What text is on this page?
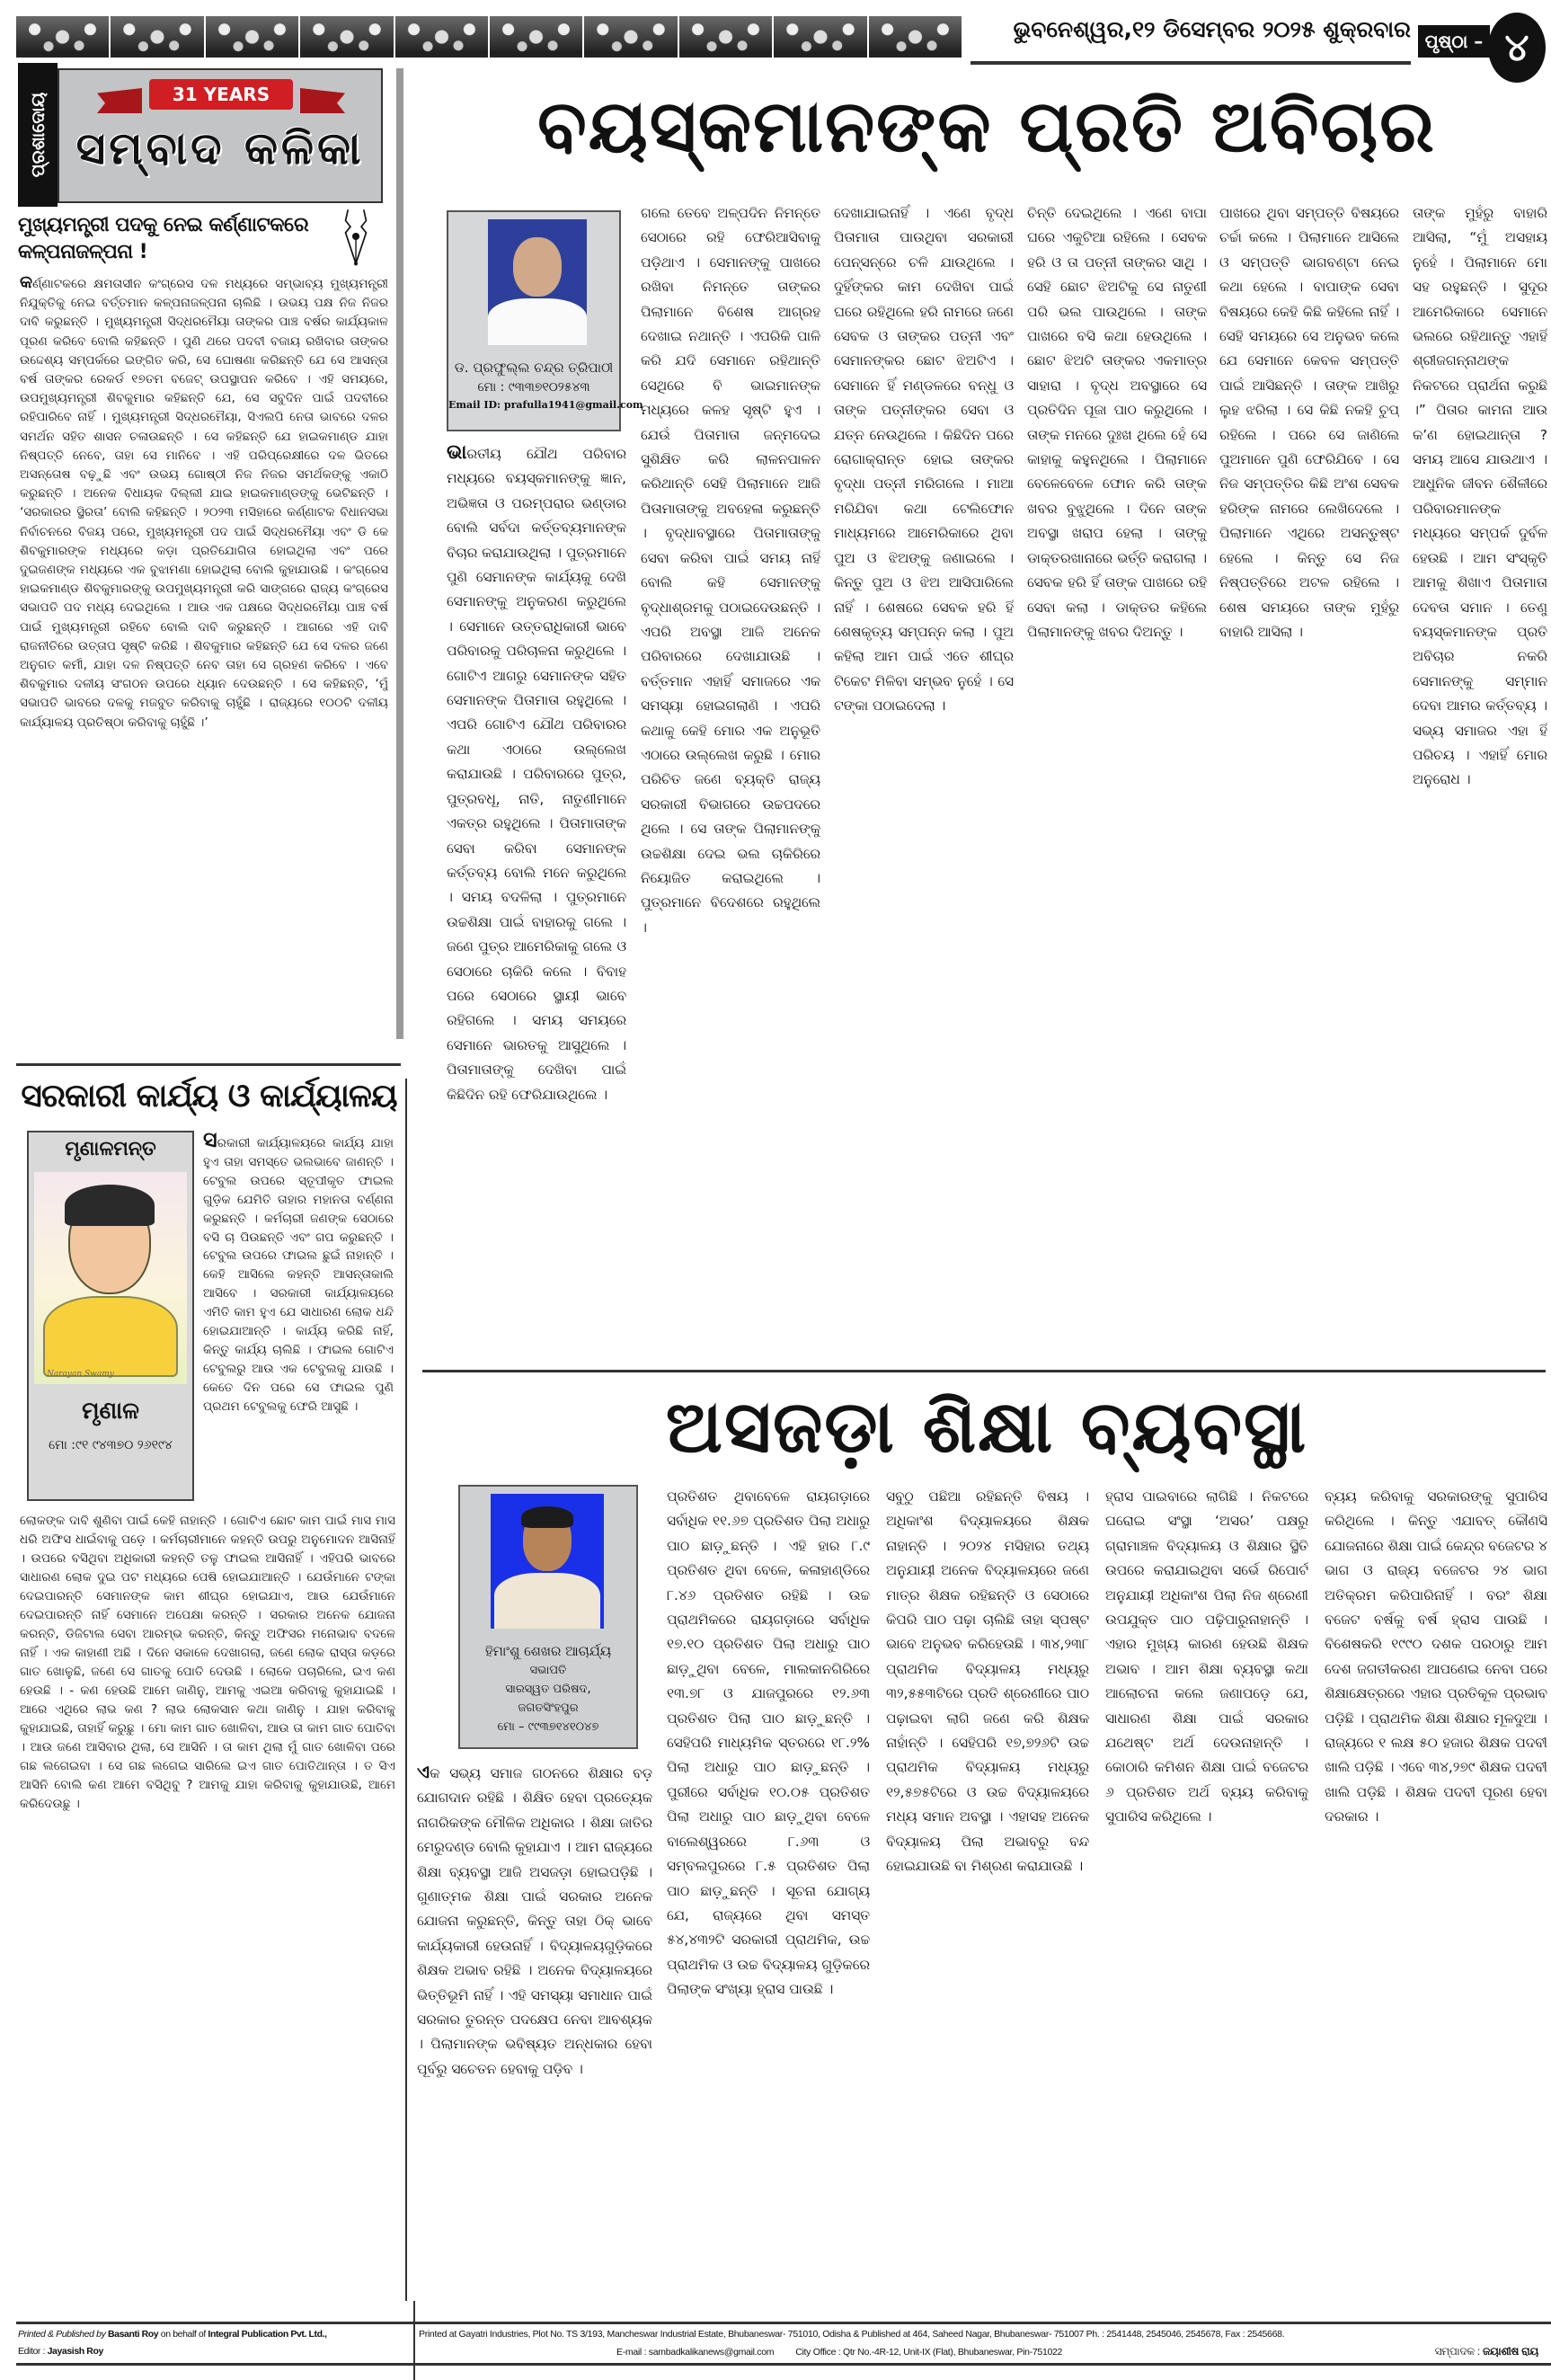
ଭୁବନେଶ୍ୱର,୧୨ ଡିସେମ୍ବର ୨୦୨୫ ଶୁକ୍ରବାର ପୃଷ୍ଠା – ୪
ପ୍ରଶାଦୋୟ	31 YEARS
ସମ୍ବାଦ କଳିକା
ମୁଖ୍ୟମନ୍ତ୍ରୀ ପଦକୁ ନେଇ କର୍ଣ୍ଣାଟକରେ କଳ୍ପନାଜଳ୍ପନା !
କର୍ଣ୍ଣାଟକରେ କ୍ଷମତାସୀନ କଂଗ୍ରେସ ଦଳ ମଧ୍ୟରେ ସମ୍ଭାବ୍ୟ ମୁଖ୍ୟମନ୍ତ୍ରୀ ନିଯୁକ୍ତିକୁ ନେଇ ବର୍ତ୍ତମାନ କଳ୍ପନାଜଳ୍ପନା ଚାଲିଛି । ଉଭୟ ପକ୍ଷ ନିଜ ନିଜର ଦାବି କରୁଛନ୍ତି । ମୁଖ୍ୟମନ୍ତ୍ରୀ ସିଦ୍ଧରମୈୟା ତାଙ୍କର ପାଞ୍ଚ ବର୍ଷର କାର୍ଯ୍ୟକାଳ ପୂରଣ କରିବେ ବୋଲି କହିଛନ୍ତି । ପୁଣି ଥରେ ପଦବୀ ବଜାୟ ରଖିବାର ତାଙ୍କର ଉଦ୍ଦେଶ୍ୟ ସମ୍ପର୍କରେ ଇଙ୍ଗିତ କରି, ସେ ଘୋଷଣା କରିଛନ୍ତି ଯେ ସେ ଆସନ୍ତା ବର୍ଷ ତାଙ୍କର ରେକର୍ଡ ୧୭ତମ ବଜେଟ୍ ଉପସ୍ଥାପନ କରିବେ । ଏହି ସମୟରେ, ଉପମୁଖ୍ୟମନ୍ତ୍ରୀ ଶିବକୁମାର କହିଛନ୍ତି ଯେ, ସେ ସବୁଦିନ ପାଇଁ ପଦବୀରେ ରହିପାରିବେ ନାହିଁ । ମୁଖ୍ୟମନ୍ତ୍ରୀ ସିଦ୍ଧରମୈୟା, ସିଏଲପି ନେତା ଭାବରେ ଦଳର ସମର୍ଥନ ସହିତ ଶାସନ ଚଳାଉଛନ୍ତି । ସେ କହିଛନ୍ତି ଯେ ହାଇକମାଣ୍ଡ ଯାହା ନିଷ୍ପତ୍ତି ନେବେ, ତାହା ସେ ମାନିବେ । ଏହି ପରିପ୍ରେକ୍ଷୀରେ ଦଳ ଭିତରେ ଅସନ୍ତୋଷ ବଢ଼ୁଛି ଏବଂ ଉଭୟ ଗୋଷ୍ଠୀ ନିଜ ନିଜର ସମର୍ଥକଙ୍କୁ ଏକାଠି କରୁଛନ୍ତି । ଅନେକ ବିଧାୟକ ଦିଲ୍ଲୀ ଯାଇ ହାଇକମାଣ୍ଡଙ୍କୁ ଭେଟିଛନ୍ତି । ‘ସରକାରର ସ୍ଥିରତା’ ବୋଲି କହିଛନ୍ତି । ୨୦୨୩ ମସିହାରେ କର୍ଣ୍ଣାଟକ ବିଧାନସଭା ନିର୍ବାଚନରେ ବିଜୟ ପରେ, ମୁଖ୍ୟମନ୍ତ୍ରୀ ପଦ ପାଇଁ ସିଦ୍ଧରମୈୟା ଏବଂ ଡି କେ ଶିବକୁମାରଙ୍କ ମଧ୍ୟରେ କଡ଼ା ପ୍ରତିଯୋଗିତା ହୋଇଥିଲା ଏବଂ ପରେ ଦୁଇଜଣଙ୍କ ମଧ୍ୟରେ ଏକ ବୁଝାମଣା ହୋଇଥିଲା ବୋଲି କୁହାଯାଉଛି । କଂଗ୍ରେସ ହାଇକମାଣ୍ଡ ଶିବକୁମାରଙ୍କୁ ଉପମୁଖ୍ୟମନ୍ତ୍ରୀ କରି ସାଙ୍ଗରେ ରାଜ୍ୟ କଂଗ୍ରେସ ସଭାପତି ପଦ ମଧ୍ୟ ଦେଇଥିଲେ । ଆଉ ଏକ ପକ୍ଷରେ ସିଦ୍ଧରମୈୟା ପାଞ୍ଚ ବର୍ଷ ପାଇଁ ମୁଖ୍ୟମନ୍ତ୍ରୀ ରହିବେ ବୋଲି ଦାବି କରୁଛନ୍ତି । ଆଗରେ ଏହି ଦାବି ରାଜନୀତିରେ ଉତ୍ତାପ ସୃଷ୍ଟି କରିଛି । ଶିବକୁମାର କହିଛନ୍ତି ଯେ ସେ ଦଳର ଜଣେ ଅନୁଗତ କର୍ମୀ, ଯାହା ଦଳ ନିଷ୍ପତ୍ତି ନେବ ତାହା ସେ ଗ୍ରହଣ କରିବେ । ଏବେ ଶିବକୁମାର ଦଳୀୟ ସଂଗଠନ ଉପରେ ଧ୍ୟାନ ଦେଉଛନ୍ତି । ସେ କହିଛନ୍ତି, ‘ମୁଁ ସଭାପତି ଭାବରେ ଦଳକୁ ମଜବୁତ କରିବାକୁ ଚାହୁଁଛି । ରାଜ୍ୟରେ ୧୦୦ଟି ଦଳୀୟ କାର୍ଯ୍ୟାଳୟ ପ୍ରତିଷ୍ଠା କରିବାକୁ ଚାହୁଁଛି ।’
ସରକାରୀ କାର୍ଯ୍ୟ ଓ କାର୍ଯ୍ୟାଳୟ
ମୃଣାଳମନ୍ତ
Narayan Swamy
ମୃଣାଳ
ମୋ :୯୧ ୯୪୩୭୦ ୨୬୧୯୪
ସରକାରୀ କାର୍ଯ୍ୟାଳୟରେ କାର୍ଯ୍ୟ ଯାହା ହୁଏ ତାହା ସମସ୍ତେ ଭଲଭାବେ ଜାଣନ୍ତି । ଟେବୁଲ ଉପରେ ସ୍ତୂପୀକୃତ ଫାଇଲ ଗୁଡ଼ିକ ଯେମିତି ତାହାର ମହାନତା ବର୍ଣ୍ଣନା କରୁଛନ୍ତି । କର୍ମଚାରୀ ଜଣଙ୍କ ସେଠାରେ ବସି ଚା ପିଉଛନ୍ତି ଏବଂ ଗପ କରୁଛନ୍ତି । ଟେବୁଲ ଉପରେ ଫାଇଲ ଛୁଇଁ ନାହାନ୍ତି । କେହି ଆସିଲେ କହନ୍ତି ଆସନ୍ତାକାଲି ଆସିବେ । ସରକାରୀ କାର୍ଯ୍ୟାଳୟରେ ଏମିତି କାମ ହୁଏ ଯେ ସାଧାରଣ ଲୋକ ଧନ୍ଦି ହୋଇଯାଆନ୍ତି । କାର୍ଯ୍ୟ କରିଛି ନାହିଁ, କିନ୍ତୁ କାର୍ଯ୍ୟ ଚାଲିଛି । ଫାଇଲ ଗୋଟିଏ ଟେବୁଲରୁ ଆଉ ଏକ ଟେବୁଲକୁ ଯାଉଛି । କେତେ ଦିନ ପରେ ସେ ଫାଇଲ ପୁଣି ପ୍ରଥମ ଟେବୁଲକୁ ଫେରି ଆସୁଛି ।
ଲୋକଙ୍କ ଦାବି ଶୁଣିବା ପାଇଁ କେହି ନାହାନ୍ତି । ଗୋଟିଏ ଛୋଟ କାମ ପାଇଁ ମାସ ମାସ ଧରି ଅଫିସ ଧାଇଁବାକୁ ପଡ଼େ । କର୍ମଚାରୀମାନେ କହନ୍ତି ଉପରୁ ଅନୁମୋଦନ ଆସିନାହିଁ । ଉପରେ ବସିଥିବା ଅଧିକାରୀ କହନ୍ତି ତଳୁ ଫାଇଲ ଆସିନାହିଁ । ଏହିପରି ଭାବରେ ସାଧାରଣ ଲୋକ ଦୁଇ ପଟ ମଧ୍ୟରେ ପେଷି ହୋଇଯାଆନ୍ତି । ଯେଉଁମାନେ ଟଙ୍କା ଦେଇପାରନ୍ତି ସେମାନଙ୍କ କାମ ଶୀଘ୍ର ହୋଇଯାଏ, ଆଉ ଯେଉଁମାନେ ଦେଇପାରନ୍ତି ନାହିଁ ସେମାନେ ଅପେକ୍ଷା କରନ୍ତି । ସରକାର ଅନେକ ଯୋଜନା କରନ୍ତି, ଡିଜିଟାଲ ସେବା ଆରମ୍ଭ କରନ୍ତି, କିନ୍ତୁ ଅଫିସର ମନୋଭାବ ବଦଳେ ନାହିଁ । ଏକ କାହାଣୀ ଅଛି । ଦିନେ ସକାଳେ ଦେଖାଗଲା, ଜଣେ ଲୋକ ରାସ୍ତା କଡ଼ରେ ଗାତ ଖୋଳୁଛି, ଜଣେ ସେ ଗାତକୁ ପୋତି ଦେଉଛି । ଲୋକେ ପଚାରିଲେ, ଇଏ କଣ ହେଉଛି । - କଣ ହେଉଛି ଆମେ ଜାଣିନୁ, ଆମକୁ ଏଇଆ କରିବାକୁ କୁହାଯାଇଛି । ଆରେ ଏଥିରେ ଲାଭ କଣ ? ଲାଭ ଲୋକସାନ କଥା ଜାଣିନୁ । ଯାହା କରିବାକୁ କୁହାଯାଇଛି, ତାହାହିଁ କରୁଛୁ । ମୋ କାମ ଗାତ ଖୋଳିବା, ଆଉ ତା କାମ ଗାତ ପୋତିବା । ଆଉ ଜଣେ ଆସିବାର ଥିଲା, ସେ ଆସିନି । ତା କାମ ଥିଲା ମୁଁ ଗାତ ଖୋଳିବା ପରେ ଗଛ ଲଗେଇବା । ସେ ଗଛ ଲଗେଇ ସାରିଲେ ଇଏ ଗାତ ପୋତିଥାନ୍ତା । ତ ସିଏ ଆସିନି ବୋଲି କଣ ଆମେ ବସିଥିବୁ ? ଆମକୁ ଯାହା କରିବାକୁ କୁହାଯାଉଛି, ଆମେ କରିଦେଉଛୁ ।
ବୟସ୍କମାନଙ୍କ ପ୍ରତି ଅବିଚାର
ଡ. ପ୍ରଫୁଲ୍ଲ ଚନ୍ଦ୍ର ତ୍ରିପାଠୀ
ମୋ : ୯୩୩୭୧୦୨୫୪୩
Email ID: prafulla1941@gmail.com
ଭାରତୀୟ ଯୌଥ ପରିବାର ମଧ୍ୟରେ ବୟସ୍କମାନଙ୍କୁ ଜ୍ଞାନ, ଅଭିଜ୍ଞତା ଓ ପରମ୍ପରାର ଭଣ୍ଡାର ବୋଲି ସର୍ବଦା କର୍ତ୍ତବ୍ୟମାନଙ୍କ ବିଚାର କରାଯାଉଥିଲା । ପୁତ୍ରମାନେ ପୁଣି ସେମାନଙ୍କ କାର୍ଯ୍ୟକୁ ଦେଖି ସେମାନଙ୍କୁ ଅନୁକରଣ କରୁଥିଲେ । ସେମାନେ ଉତ୍ତରାଧିକାରୀ ଭାବେ ପରିବାରକୁ ପରିଚାଳନା କରୁଥିଲେ । ଗୋଟିଏ ଆଗରୁ ସେମାନଙ୍କ ସହିତ ସେମାନଙ୍କ ପିତାମାତା ରହୁଥିଲେ । ଏପରି ଗୋଟିଏ ଯୌଥ ପରିବାରର କଥା ଏଠାରେ ଉଲ୍ଲେଖ କରାଯାଉଛି । ପରିବାରରେ ପୁତ୍ର, ପୁତ୍ରବଧୂ, ନାତି, ନାତୁଣୀମାନେ ଏକତ୍ର ରହୁଥିଲେ । ପିତାମାତାଙ୍କ ସେବା କରିବା ସେମାନଙ୍କ କର୍ତ୍ତବ୍ୟ ବୋଲି ମନେ କରୁଥିଲେ । ସମୟ ବଦଳିଲା । ପୁତ୍ରମାନେ ଉଚ୍ଚଶିକ୍ଷା ପାଇଁ ବାହାରକୁ ଗଲେ । ଜଣେ ପୁତ୍ର ଆମେରିକାକୁ ଗଲେ ଓ ସେଠାରେ ଚାକିରି କଲେ । ବିବାହ ପରେ ସେଠାରେ ସ୍ଥାୟୀ ଭାବେ ରହିଗଲେ । ସମୟ ସମୟରେ ସେମାନେ ଭାରତକୁ ଆସୁଥିଲେ । ପିତାମାତାଙ୍କୁ ଦେଖିବା ପାଇଁ କିଛିଦିନ ରହି ଫେରିଯାଉଥିଲେ ।
ଗଲେ ତେବେ ଅଳ୍ପଦିନ ନିମନ୍ତେ ସେଠାରେ ରହି ଫେରିଆସିବାକୁ ପଡ଼ିଥାଏ । ସେମାନଙ୍କୁ ପାଖରେ ରଖିବା ନିମନ୍ତେ ତାଙ୍କର ପିଲାମାନେ ବିଶେଷ ଆଗ୍ରହ ଦେଖାଇ ନଥାନ୍ତି । ଏପରିକି ପାଳି କରି ଯଦି ସେମାନେ ରହିଥାନ୍ତି ସେଥିରେ ବି ଭାଇମାନଙ୍କ ମଧ୍ୟରେ କଳହ ସୃଷ୍ଟି ହୁଏ । ଯେଉଁ ପିତାମାତା ଜନ୍ମଦେଇ ସୁଶିକ୍ଷିତ କରି ଲାଳନପାଳନ କରିଥାନ୍ତି ସେହି ପିଲାମାନେ ଆଜି ପିତାମାତାଙ୍କୁ ଅବହେଳା କରୁଛନ୍ତି । ବୃଦ୍ଧାବସ୍ଥାରେ ପିତାମାତାଙ୍କୁ ସେବା କରିବା ପାଇଁ ସମୟ ନାହିଁ ବୋଲି କହି ସେମାନଙ୍କୁ ବୃଦ୍ଧାଶ୍ରମକୁ ପଠାଇଦେଉଛନ୍ତି । ଏପରି ଅବସ୍ଥା ଆଜି ଅନେକ ପରିବାରରେ ଦେଖାଯାଉଛି । ବର୍ତ୍ତମାନ ଏହାହିଁ ସମାଜରେ ଏକ ସମସ୍ୟା ହୋଇଗଲାଣି । ଏପରି କଥାକୁ କେହି ମୋର ଏକ ଅନୁଭୂତି ଏଠାରେ ଉଲ୍ଲେଖ କରୁଛି । ମୋର ପରିଚିତ ଜଣେ ବ୍ୟକ୍ତି ରାଜ୍ୟ ସରକାରୀ ବିଭାଗରେ ଉଚ୍ଚପଦରେ ଥିଲେ । ସେ ତାଙ୍କ ପିଲାମାନଙ୍କୁ ଉଚ୍ଚଶିକ୍ଷା ଦେଇ ଭଲ ଚାକିରିରେ ନିୟୋଜିତ କରାଇଥିଲେ । ପୁତ୍ରମାନେ ବିଦେଶରେ ରହୁଥିଲେ ।
ଦେଖାଯାଇନାହିଁ । ଏଣେ ବୃଦ୍ଧ ପିତାମାତା ପାଉଥିବା ସରକାରୀ ପେନ୍‌ସନ୍‌ରେ ଚଳି ଯାଉଥିଲେ । ଦୁହିଁଙ୍କର କାମ ଦେଖିବା ପାଇଁ ଘରେ ରହିଥିଲେ ହରି ନାମରେ ଜଣେ ସେବକ ଓ ତାଙ୍କର ପତ୍ନୀ ଏବଂ ସେମାନଙ୍କର ଛୋଟ ଝିଅଟିଏ । ସେମାନେ ହିଁ ମଣ୍ଡଳରେ ବନ୍ଧୁ ଓ ତାଙ୍କ ପତ୍ନୀଙ୍କର ସେବା ଓ ଯତ୍ନ ନେଉଥିଲେ । କିଛିଦିନ ପରେ ରୋଗାକ୍ରାନ୍ତ ହୋଇ ତାଙ୍କର ବୃଦ୍ଧା ପତ୍ନୀ ମରିଗଲେ । ମାଆ ମରିଯିବା କଥା ଟେଲିଫୋନ ମାଧ୍ୟମରେ ଆମେରିକାରେ ଥିବା ପୁଅ ଓ ଝିଅଙ୍କୁ ଜଣାଇଲେ । କିନ୍ତୁ ପୁଅ ଓ ଝିଅ ଆସିପାରିଲେ ନାହିଁ । ଶେଷରେ ସେବକ ହରି ହିଁ ଶେଷକୃତ୍ୟ ସମ୍ପନ୍ନ କଲା । ପୁଅ କହିଲା ଆମ ପାଇଁ ଏତେ ଶୀଘ୍ର ଟିକେଟ ମିଳିବା ସମ୍ଭବ ନୁହେଁ । ସେ ଟଙ୍କା ପଠାଇଦେଲା ।
ଚିନ୍ତି ଦେଇଥିଲେ । ଏଣେ ବାପା ଘରେ ଏକୁଟିଆ ରହିଲେ । ସେବକ ହରି ଓ ତା ପତ୍ନୀ ତାଙ୍କର ସାଥି । ସେହି ଛୋଟ ଝିଅଟିକୁ ସେ ନାତୁଣୀ ପରି ଭଲ ପାଉଥିଲେ । ତାଙ୍କ ପାଖରେ ବସି କଥା ହେଉଥିଲେ । ଛୋଟ ଝିଅଟି ତାଙ୍କର ଏକମାତ୍ର ସାହାରା । ବୃଦ୍ଧ ଅବସ୍ଥାରେ ସେ ପ୍ରତିଦିନ ପୂଜା ପାଠ କରୁଥିଲେ । ତାଙ୍କ ମନରେ ଦୁଃଖ ଥିଲେ ହେଁ ସେ କାହାକୁ କହୁନଥିଲେ । ପିଲାମାନେ ବେଳେବେଳେ ଫୋନ କରି ତାଙ୍କ ଖବର ବୁଝୁଥିଲେ । ଦିନେ ତାଙ୍କ ଅବସ୍ଥା ଖରାପ ହେଲା । ତାଙ୍କୁ ଡାକ୍ତରଖାନାରେ ଭର୍ତ୍ତି କରାଗଲା । ସେବକ ହରି ହିଁ ତାଙ୍କ ପାଖରେ ରହି ସେବା କଲା । ଡାକ୍ତର କହିଲେ ପିଲାମାନଙ୍କୁ ଖବର ଦିଅନ୍ତୁ ।
ପାଖରେ ଥିବା ସମ୍ପତ୍ତି ବିଷୟରେ ଚର୍ଚ୍ଚା କଲେ । ପିଲାମାନେ ଆସିଲେ ଓ ସମ୍ପତ୍ତି ଭାଗବଣ୍ଟା ନେଇ କଥା ହେଲେ । ବାପାଙ୍କ ସେବା ବିଷୟରେ କେହି କିଛି କହିଲେ ନାହିଁ । ସେହି ସମୟରେ ସେ ଅନୁଭବ କଲେ ଯେ ସେମାନେ କେବଳ ସମ୍ପତ୍ତି ପାଇଁ ଆସିଛନ୍ତି । ତାଙ୍କ ଆଖିରୁ ଲୁହ ଝରିଲା । ସେ କିଛି ନକହି ଚୁପ୍ ରହିଲେ । ପରେ ସେ ଜାଣିଲେ ପୁଅମାନେ ପୁଣି ଫେରିଯିବେ । ସେ ନିଜ ସମ୍ପତ୍ତିର କିଛି ଅଂଶ ସେବକ ହରିଙ୍କ ନାମରେ ଲେଖିଦେଲେ । ପିଲାମାନେ ଏଥିରେ ଅସନ୍ତୁଷ୍ଟ ହେଲେ । କିନ୍ତୁ ସେ ନିଜ ନିଷ୍ପତ୍ତିରେ ଅଟଳ ରହିଲେ । ଶେଷ ସମୟରେ ତାଙ୍କ ମୁହଁରୁ ବାହାରି ଆସିଲା ।
ତାଙ୍କ ମୁହଁରୁ ବାହାରି ଆସିଲା, “ମୁଁ ଅସହାୟ ନୁହେଁ । ପିଲାମାନେ ମୋ ସହ ରହୁଛନ୍ତି । ସୁଦୂର ଆମେରିକାରେ ସେମାନେ ଭଲରେ ରହିଥାନ୍ତୁ ଏହାହିଁ ଶ୍ରୀଜଗନ୍ନାଥଙ୍କ ନିକଟରେ ପ୍ରାର୍ଥନା କରୁଛି ।” ପିତାର କାମନା ଆଉ କ’ଣ ହୋଇଥାନ୍ତା ? ସମୟ ଆସେ ଯାଉଥାଏ । ଆଧୁନିକ ଜୀବନ ଶୈଳୀରେ ପରିବାରମାନଙ୍କ ମଧ୍ୟରେ ସମ୍ପର୍କ ଦୁର୍ବଳ ହେଉଛି । ଆମ ସଂସ୍କୃତି ଆମକୁ ଶିଖାଏ ପିତାମାତା ଦେବତା ସମାନ । ତେଣୁ ବୟସ୍କମାନଙ୍କ ପ୍ରତି ଅବିଚାର ନକରି ସେମାନଙ୍କୁ ସମ୍ମାନ ଦେବା ଆମର କର୍ତ୍ତବ୍ୟ । ସଭ୍ୟ ସମାଜର ଏହା ହିଁ ପରିଚୟ । ଏହାହିଁ ମୋର ଅନୁରୋଧ ।
ଅସଜଡ଼ା ଶିକ୍ଷା ବ୍ୟବସ୍ଥା
ହିମାଂଶୁ ଶେଖର ଆଚାର୍ଯ୍ୟ
ସଭାପତି
ସାରସ୍ୱତ ପରିଷଦ,
ଜଗତସିଂହପୁର
ମୋ – ୯୯୩୭୧୪୧୦୪୭
ଏକ ସଭ୍ୟ ସମାଜ ଗଠନରେ ଶିକ୍ଷାର ବଡ଼ ଯୋଗଦାନ ରହିଛି । ଶିକ୍ଷିତ ହେବା ପ୍ରତ୍ୟେକ ନାଗରିକଙ୍କ ମୌଳିକ ଅଧିକାର । ଶିକ୍ଷା ଜାତିର ମେରୁଦଣ୍ଡ ବୋଲି କୁହାଯାଏ । ଆମ ରାଜ୍ୟରେ ଶିକ୍ଷା ବ୍ୟବସ୍ଥା ଆଜି ଅସଜଡ଼ା ହୋଇପଡ଼ିଛି । ଗୁଣାତ୍ମକ ଶିକ୍ଷା ପାଇଁ ସରକାର ଅନେକ ଯୋଜନା କରୁଛନ୍ତି, କିନ୍ତୁ ତାହା ଠିକ୍ ଭାବେ କାର୍ଯ୍ୟକାରୀ ହେଉନାହିଁ । ବିଦ୍ୟାଳୟଗୁଡ଼ିକରେ ଶିକ୍ଷକ ଅଭାବ ରହିଛି । ଅନେକ ବିଦ୍ୟାଳୟରେ ଭିତ୍ତିଭୂମି ନାହିଁ । ଏହି ସମସ୍ୟା ସମାଧାନ ପାଇଁ ସରକାର ତୁରନ୍ତ ପଦକ୍ଷେପ ନେବା ଆବଶ୍ୟକ । ପିଲାମାନଙ୍କ ଭବିଷ୍ୟତ ଅନ୍ଧକାର ହେବା ପୂର୍ବରୁ ସଚେତନ ହେବାକୁ ପଡ଼ିବ ।
ପ୍ରତିଶତ ଥିବାବେଳେ ରାୟଗଡ଼ାରେ ସର୍ବାଧିକ ୧୧.୬୭ ପ୍ରତିଶତ ପିଲା ଅଧାରୁ ପାଠ ଛାଡ଼ୁଛନ୍ତି । ଏହି ହାର ୮.୯ ପ୍ରତିଶତ ଥିବା ବେଳେ, କଳାହାଣ୍ଡିରେ ୮.୪୬ ପ୍ରତିଶତ ରହିଛି । ଉଚ୍ଚ ପ୍ରାଥମିକରେ ରାୟଗଡ଼ାରେ ସର୍ବାଧିକ ୧୭.୧୦ ପ୍ରତିଶତ ପିଲା ଅଧାରୁ ପାଠ ଛାଡ଼ୁଥିବା ବେଳେ, ମାଲକାନଗିରିରେ ୧୩.୭୮ ଓ ଯାଜପୁରରେ ୧୨.୬୩ ପ୍ରତିଶତ ପିଲା ପାଠ ଛାଡ଼ୁଛନ୍ତି । ସେହିପରି ମାଧ୍ୟମିକ ସ୍ତରରେ ୧୮.୨% ପିଲା ଅଧାରୁ ପାଠ ଛାଡ଼ୁଛନ୍ତି । ପୁରୀରେ ସର୍ବାଧିକ ୧୦.୦୫ ପ୍ରତିଶତ ପିଲା ଅଧାରୁ ପାଠ ଛାଡ଼ୁଥିବା ବେଳେ ବାଲେଶ୍ୱରରେ ୮.୬୩ ଓ ସମ୍ବଲପୁରରେ ୮.୫ ପ୍ରତିଶତ ପିଲା ପାଠ ଛାଡ଼ୁଛନ୍ତି । ସୂଚନା ଯୋଗ୍ୟ ଯେ, ରାଜ୍ୟରେ ଥିବା ସମସ୍ତ ୫୪,୪୩୨ଟି ସରକାରୀ ପ୍ରାଥମିକ, ଉଚ୍ଚ ପ୍ରାଥମିକ ଓ ଉଚ୍ଚ ବିଦ୍ୟାଳୟ ଗୁଡ଼ିକରେ ପିଲାଙ୍କ ସଂଖ୍ୟା ହ୍ରାସ ପାଉଛି ।
ସବୁଠୁ ପଛିଆ ରହିଛନ୍ତି ବିଷୟ । ଅଧିକାଂଶ ବିଦ୍ୟାଳୟରେ ଶିକ୍ଷକ ନାହାନ୍ତି । ୨୦୨୪ ମସିହାର ତଥ୍ୟ ଅନୁଯାୟୀ ଅନେକ ବିଦ୍ୟାଳୟରେ ଜଣେ ମାତ୍ର ଶିକ୍ଷକ ରହିଛନ୍ତି ଓ ସେଠାରେ କିପରି ପାଠ ପଢ଼ା ଚାଲିଛି ତାହା ସ୍ପଷ୍ଟ ଭାବେ ଅନୁଭବ କରିହେଉଛି । ୩୪,୨୩୮ ପ୍ରାଥମିକ ବିଦ୍ୟାଳୟ ମଧ୍ୟରୁ ୩୨,୫୫୩ଟିରେ ପ୍ରତି ଶ୍ରେଣୀରେ ପାଠ ପଢ଼ାଇବା ଲାଗି ଜଣେ କରି ଶିକ୍ଷକ ନାହାଁନ୍ତି । ସେହିପରି ୧୭,୭୨୬ଟି ଉଚ୍ଚ ପ୍ରାଥମିକ ବିଦ୍ୟାଳୟ ମଧ୍ୟରୁ ୧୨,୫୭୫ଟିରେ ଓ ଉଚ୍ଚ ବିଦ୍ୟାଳୟରେ ମଧ୍ୟ ସମାନ ଅବସ୍ଥା । ଏହାସହ ଅନେକ ବିଦ୍ୟାଳୟ ପିଲା ଅଭାବରୁ ବନ୍ଦ ହୋଇଯାଉଛି ବା ମିଶ୍ରଣ କରାଯାଉଛି ।
ହ୍ରାସ ପାଇବାରେ ଲାଗିଛି । ନିକଟରେ ଘରୋଇ ସଂସ୍ଥା ‘ଅସର’ ପକ୍ଷରୁ ଗ୍ରାମାଞ୍ଚଳ ବିଦ୍ୟାଳୟ ଓ ଶିକ୍ଷାର ସ୍ଥିତି ଉପରେ କରାଯାଇଥିବା ସର୍ଭେ ରିପୋର୍ଟ ଅନୁଯାୟୀ ଅଧିକାଂଶ ପିଲା ନିଜ ଶ୍ରେଣୀ ଉପଯୁକ୍ତ ପାଠ ପଢ଼ିପାରୁନାହାନ୍ତି । ଏହାର ମୁଖ୍ୟ କାରଣ ହେଉଛି ଶିକ୍ଷକ ଅଭାବ । ଆମ ଶିକ୍ଷା ବ୍ୟବସ୍ଥା କଥା ଆଲୋଚନା କଲେ ଜଣାପଡ଼େ ଯେ, ସାଧାରଣ ଶିକ୍ଷା ପାଇଁ ସରକାର ଯଥେଷ୍ଟ ଅର୍ଥ ଦେଉନାହାନ୍ତି । କୋଠାରି କମିଶନ ଶିକ୍ଷା ପାଇଁ ବଜେଟର ୬ ପ୍ରତିଶତ ଅର୍ଥ ବ୍ୟୟ କରିବାକୁ ସୁପାରିସ କରିଥିଲେ ।
ବ୍ୟୟ କରିବାକୁ ସରକାରଙ୍କୁ ସୁପାରିସ କରିଥିଲେ । କିନ୍ତୁ ଏଯାବତ୍ କୌଣସି ଯୋଜନାରେ ଶିକ୍ଷା ପାଇଁ କେନ୍ଦ୍ର ବଜେଟର ୪ ଭାଗ ଓ ରାଜ୍ୟ ବଜେଟର ୨୪ ଭାଗ ଅତିକ୍ରମ କରିପାରିନାହିଁ । ବରଂ ଶିକ୍ଷା ବଜେଟ ବର୍ଷକୁ ବର୍ଷ ହ୍ରାସ ପାଉଛି । ବିଶେଷକରି ୧୯୯୦ ଦଶକ ପରଠାରୁ ଆମ ଦେଶ ଜଗତୀକରଣ ଆପଣେଇ ନେବା ପରେ ଶିକ୍ଷାକ୍ଷେତ୍ରରେ ଏହାର ପ୍ରତିକୂଳ ପ୍ରଭାବ ପଡ଼ିଛି । ପ୍ରାଥମିକ ଶିକ୍ଷା ଶିକ୍ଷାର ମୂଳଦୁଆ । ରାଜ୍ୟରେ ୧ ଲକ୍ଷ ୫୦ ହଜାର ଶିକ୍ଷକ ପଦବୀ ଖାଲି ପଡ଼ିଛି । ଏବେ ୩୪,୨୭୯ ଶିକ୍ଷକ ପଦବୀ ଖାଲି ପଡ଼ିଛି । ଶିକ୍ଷକ ପଦବୀ ପୂରଣ ହେବା ଦରକାର ।
Printed & Published by Basanti Roy on behalf of Integral Publication Pvt. Ltd.,
Editor : Jayasish Roy
Printed at Gayatri Industries, Plot No. TS 3/193, Mancheswar Industrial Estate, Bhubaneswar- 751010, Odisha & Published at 464, Saheed Nagar, Bhubaneswar- 751007 Ph. : 2541448, 2545046, 2545678, Fax : 2545668.
E-mail : sambadkalikanews@gmail.com City Office : Qtr No.-4R-12, Unit-IX (Flat), Bhubaneswar, Pin-751022	ସମ୍ପାଦକ : ଜୟାଶୀଷ ରାୟ
